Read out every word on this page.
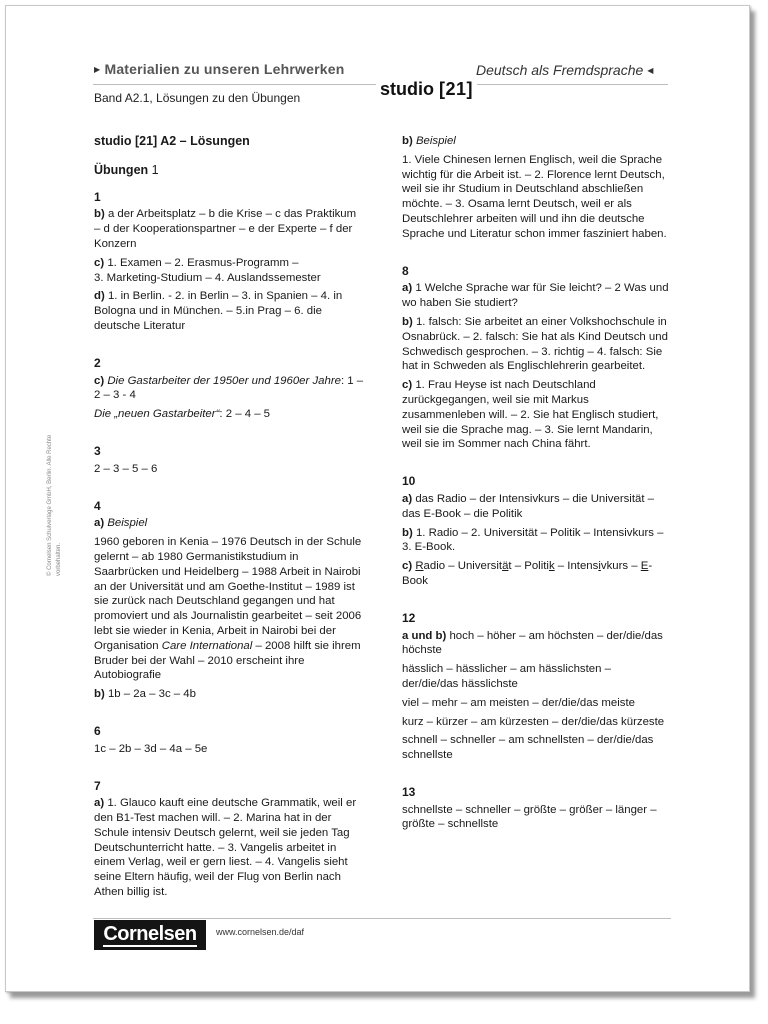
▶ Materialien zu unseren Lehrwerken	Deutsch als Fremdsprache ◀
studio [21]
Band A2.1, Lösungen zu den Übungen
© Cornelsen Schulverlage GmbH, Berlin. Alle Rechte vorbehalten.
studio [21] A2 – Lösungen
Übungen 1
1
b) a der Arbeitsplatz – b die Krise – c das Praktikum – d der Kooperationspartner – e der Experte – f der Konzern
c) 1. Examen – 2. Erasmus-Programm –
3. Marketing-Studium – 4. Auslandssemester
d) 1. in Berlin. - 2. in Berlin – 3. in Spanien – 4. in Bologna und in München. – 5.in Prag – 6. die deutsche Literatur
2
c) Die Gastarbeiter der 1950er und 1960er Jahre: 1 – 2 – 3 - 4
Die „neuen Gastarbeiter“: 2 – 4 – 5
3
2 – 3 – 5 – 6
4
a) Beispiel
1960 geboren in Kenia – 1976 Deutsch in der Schule gelernt – ab 1980 Germanistikstudium in Saarbrücken und Heidelberg – 1988 Arbeit in Nairobi an der Universität und am Goethe-Institut – 1989 ist sie zurück nach Deutschland gegangen und hat promoviert und als Journalistin gearbeitet – seit 2006 lebt sie wieder in Kenia, Arbeit in Nairobi bei der Organisation Care International – 2008 hilft sie ihrem Bruder bei der Wahl – 2010 erscheint ihre Autobiografie
b) 1b – 2a – 3c – 4b
6
1c – 2b – 3d – 4a – 5e
7
a) 1. Glauco kauft eine deutsche Grammatik, weil er den B1-Test machen will. – 2. Marina hat in der Schule intensiv Deutsch gelernt, weil sie jeden Tag Deutschunterricht hatte. – 3. Vangelis arbeitet in einem Verlag, weil er gern liest. – 4. Vangelis sieht seine Eltern häufig, weil der Flug von Berlin nach Athen billig ist.
b) Beispiel
1. Viele Chinesen lernen Englisch, weil die Sprache wichtig für die Arbeit ist. – 2. Florence lernt Deutsch, weil sie ihr Studium in Deutschland abschließen möchte. – 3. Osama lernt Deutsch, weil er als Deutschlehrer arbeiten will und ihn die deutsche Sprache und Literatur schon immer fasziniert haben.
8
a) 1 Welche Sprache war für Sie leicht? – 2 Was und wo haben Sie studiert?
b) 1. falsch: Sie arbeitet an einer Volkshochschule in Osnabrück. – 2. falsch: Sie hat als Kind Deutsch und Schwedisch gesprochen. – 3. richtig – 4. falsch: Sie hat in Schweden als Englischlehrerin gearbeitet.
c) 1. Frau Heyse ist nach Deutschland zurückgegangen, weil sie mit Markus zusammenleben will. – 2. Sie hat Englisch studiert, weil sie die Sprache mag. – 3. Sie lernt Mandarin, weil sie im Sommer nach China fährt.
10
a) das Radio – der Intensivkurs – die Universität – das E-Book – die Politik
b) 1. Radio – 2. Universität – Politik – Intensivkurs – 3. E-Book.
c) Radio – Universität – Politik – Intensivkurs – E-Book
12
a und b) hoch – höher – am höchsten – der/die/das höchste
hässlich – hässlicher – am hässlichsten – der/die/das hässlichste
viel – mehr – am meisten – der/die/das meiste
kurz – kürzer – am kürzesten – der/die/das kürzeste
schnell – schneller – am schnellsten – der/die/das schnellste
13
schnellste – schneller – größte – größer – länger – größte – schnellste
Cornelsen www.cornelsen.de/daf
